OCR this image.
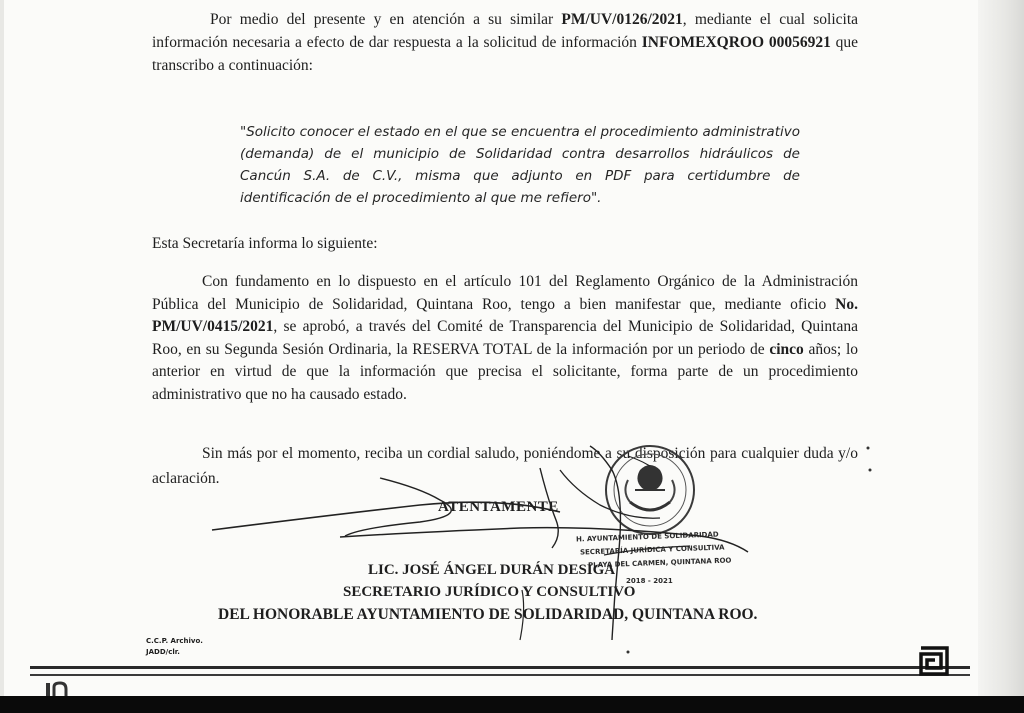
Por medio del presente y en atención a su similar PM/UV/0126/2021, mediante el cual solicita información necesaria a efecto de dar respuesta a la solicitud de información INFOMEXQROO 00056921 que transcribo a continuación:

"Solicito conocer el estado en el que se encuentra el procedimiento administrativo (demanda) de el municipio de Solidaridad contra desarrollos hidráulicos de Cancún S.A. de C.V., misma que adjunto en PDF para certidumbre de identificación de el procedimiento al que me refiero".

Esta Secretaría informa lo siguiente:

Con fundamento en lo dispuesto en el artículo 101 del Reglamento Orgánico de la Administración Pública del Municipio de Solidaridad, Quintana Roo, tengo a bien manifestar que, mediante oficio No. PM/UV/0415/2021, se aprobó, a través del Comité de Transparencia del Municipio de Solidaridad, Quintana Roo, en su Segunda Sesión Ordinaria, la RESERVA TOTAL de la información por un periodo de cinco años; lo anterior en virtud de que la información que precisa el solicitante, forma parte de un procedimiento administrativo que no ha causado estado.

Sin más por el momento, reciba un cordial saludo, poniéndome a su disposición para cualquier duda y/o aclaración.

ATENTAMENTE
H. AYUNTAMIENTO DE SOLIDARIDAD
SECRETARÍA JURÍDICA Y CONSULTIVA
PLAYA DEL CARMEN, QUINTANA ROO
2018 - 2021
LIC. JOSÉ ÁNGEL DURÁN DESIGA
SECRETARIO JURÍDICO Y CONSULTIVO
DEL HONORABLE AYUNTAMIENTO DE SOLIDARIDAD, QUINTANA ROO.
C.C.P. Archivo.
JADD/clr.
